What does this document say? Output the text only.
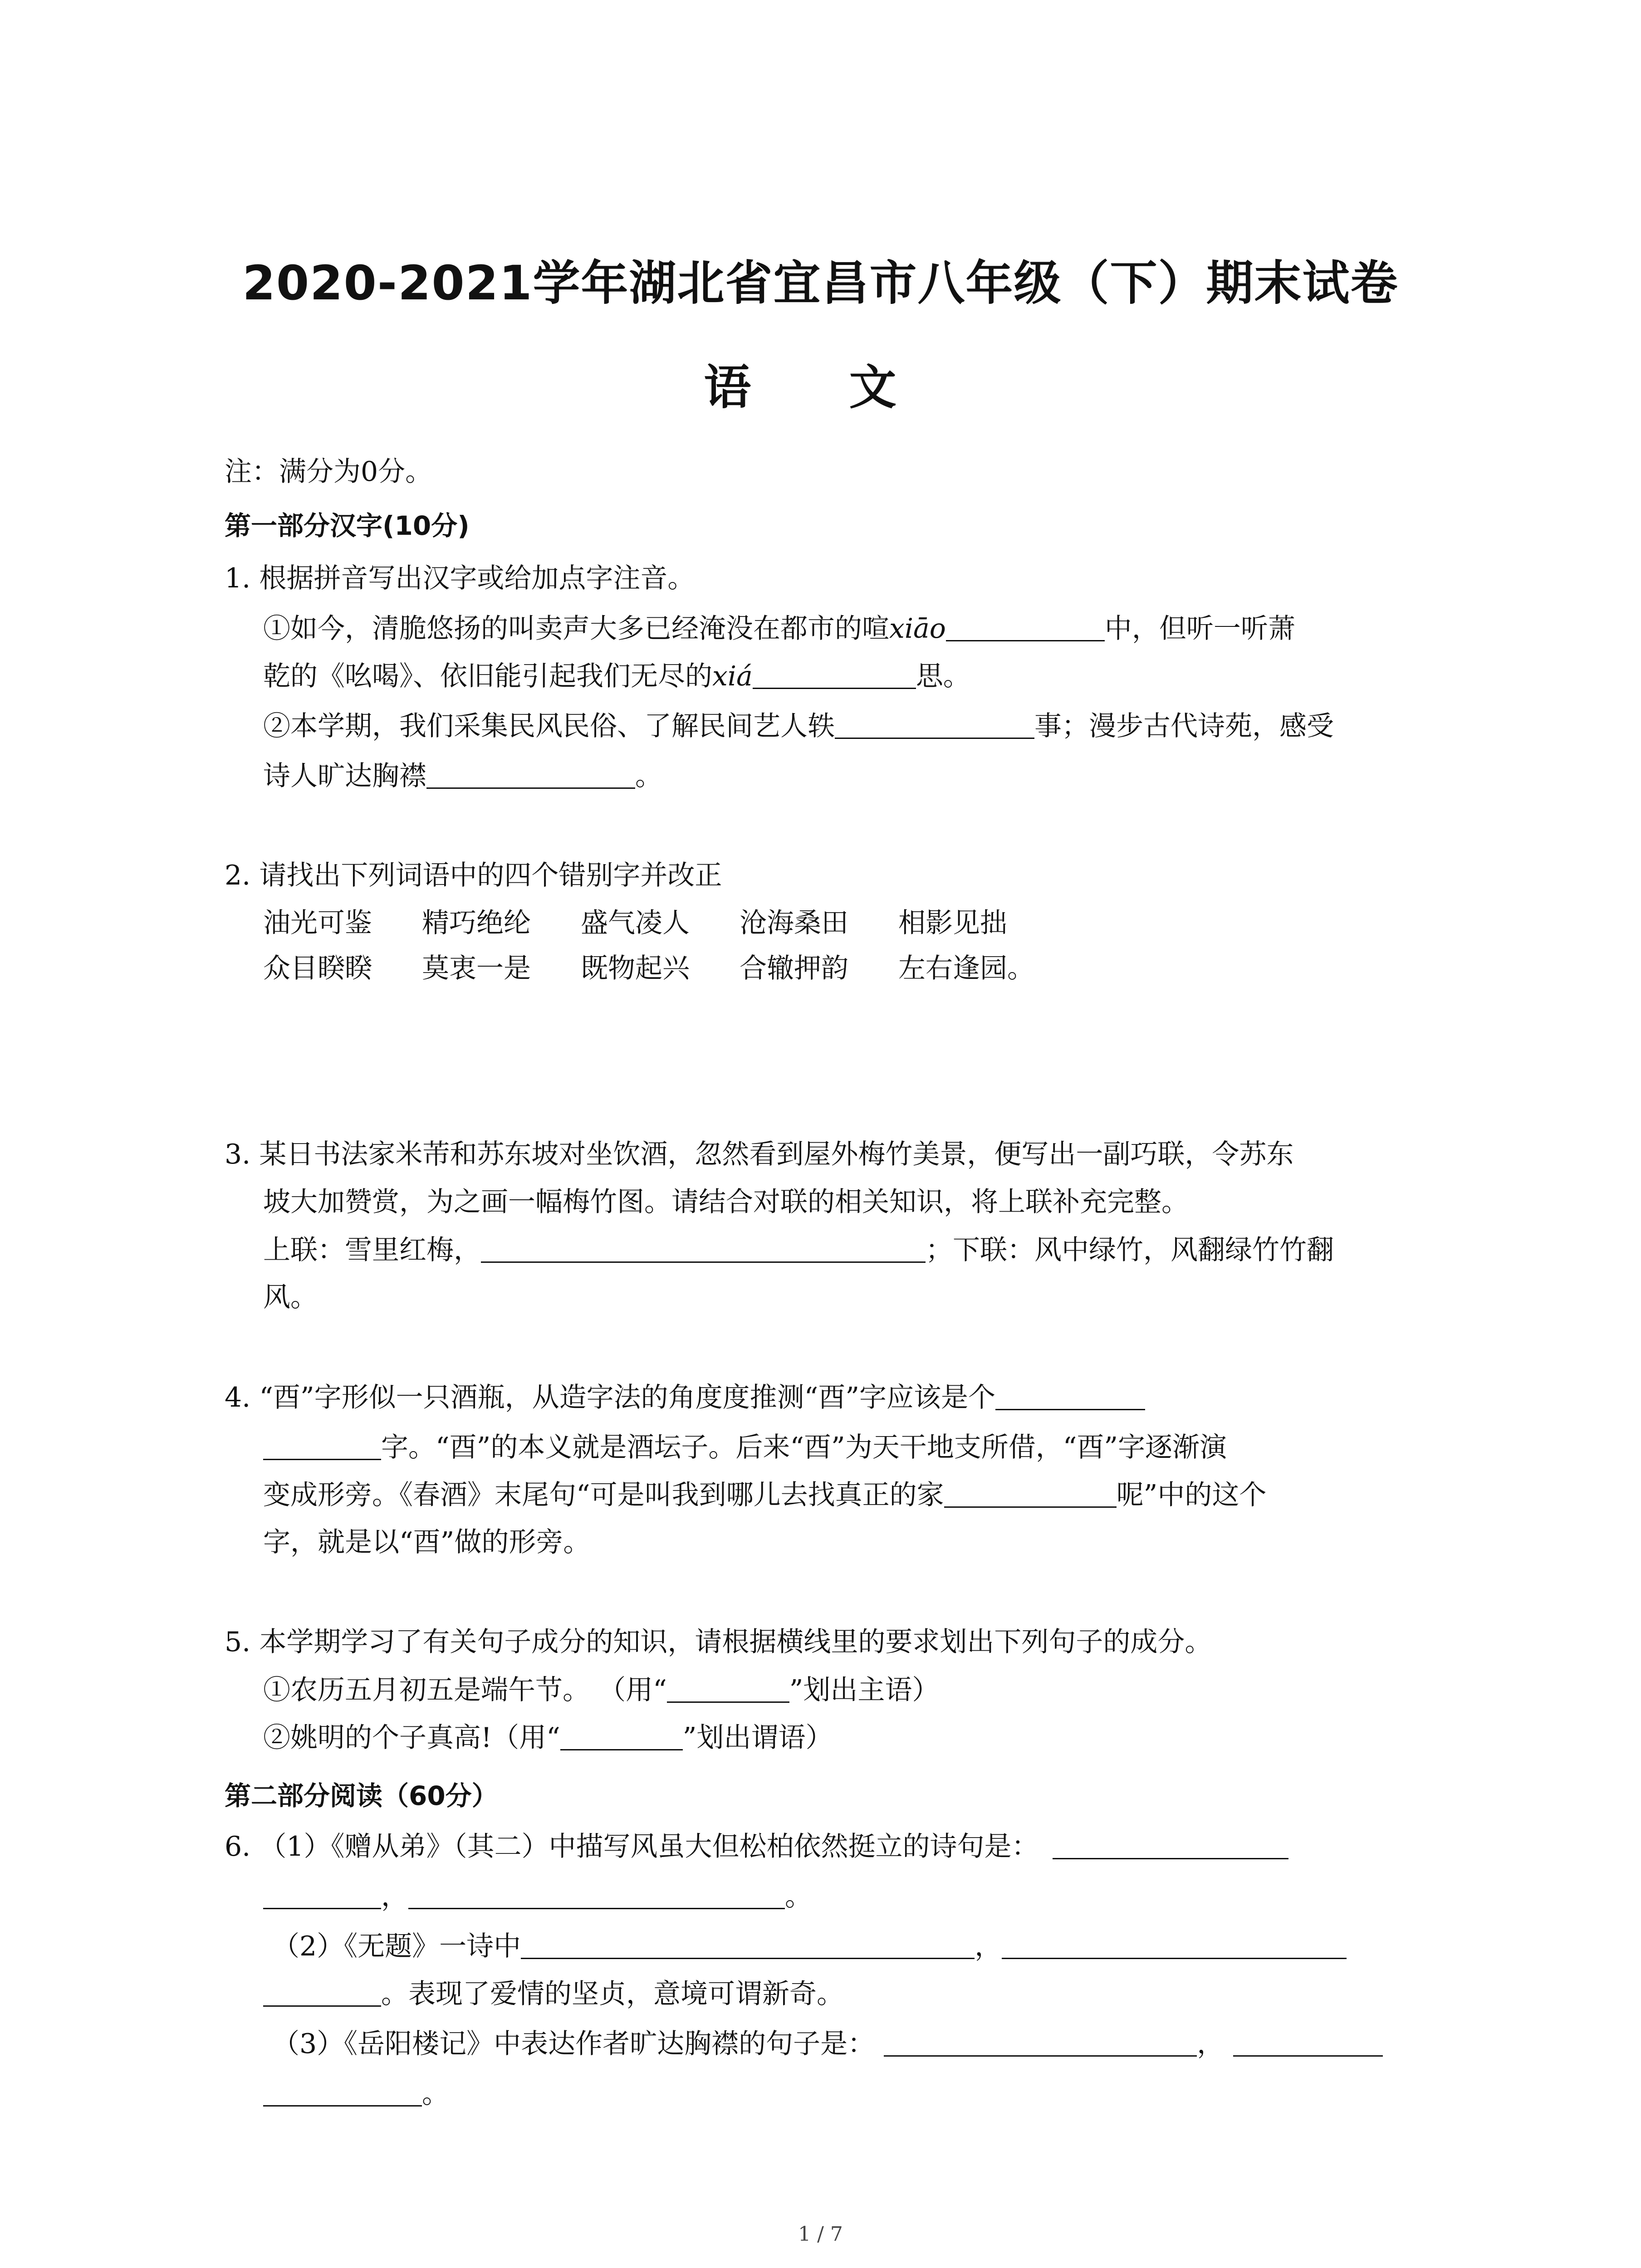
2020-2021学年湖北省宜昌市八年级（下）期末试卷
语 文
注：满分为0分。
第一部分汉字(10分)
1. 根据拼音写出汉字或给加点字注音。
①如今，清脆悠扬的叫卖声大多已经淹没在都市的喧xiāo	中，但听一听萧
乾的《吆喝》、依旧能引起我们无尽的xiá	思。
②本学期，我们采集民风民俗、了解民间艺人轶	事；漫步古代诗苑，感受
诗人旷达胸襟	。
2. 请找出下列词语中的四个错别字并改正
油光可鉴 精巧绝纶 盛气凌人 沧海桑田 相影见拙
众目睽睽 莫衷一是 既物起兴 合辙押韵 左右逢园。
3. 某日书法家米芾和苏东坡对坐饮酒，忽然看到屋外梅竹美景，便写出一副巧联，令苏东
坡大加赞赏，为之画一幅梅竹图。请结合对联的相关知识，将上联补充完整。
上联：雪里红梅，	；下联：风中绿竹，风翻绿竹竹翻
风。
4. “酉”字形似一只酒瓶，从造字法的角度度推测“酉”字应该是个
字。“酉”的本义就是酒坛子。后来“酉”为天干地支所借，“酉”字逐渐演
变成形旁。《春酒》末尾句“可是叫我到哪儿去找真正的家	呢”中的这个
字，就是以“酉”做的形旁。
5. 本学期学习了有关句子成分的知识，请根据横线里的要求划出下列句子的成分。
①农历五月初五是端午节。 （用“	”划出主语）
②姚明的个子真高!（用“	”划出谓语）
第二部分阅读（60分）
6. （1）《赠从弟》（其二）中描写风虽大但松柏依然挺立的诗句是：
，	。
（2）《无题》一诗中	，
。表现了爱情的坚贞，意境可谓新奇。
（3）《岳阳楼记》中表达作者旷达胸襟的句子是：	，
。
1 / 7
